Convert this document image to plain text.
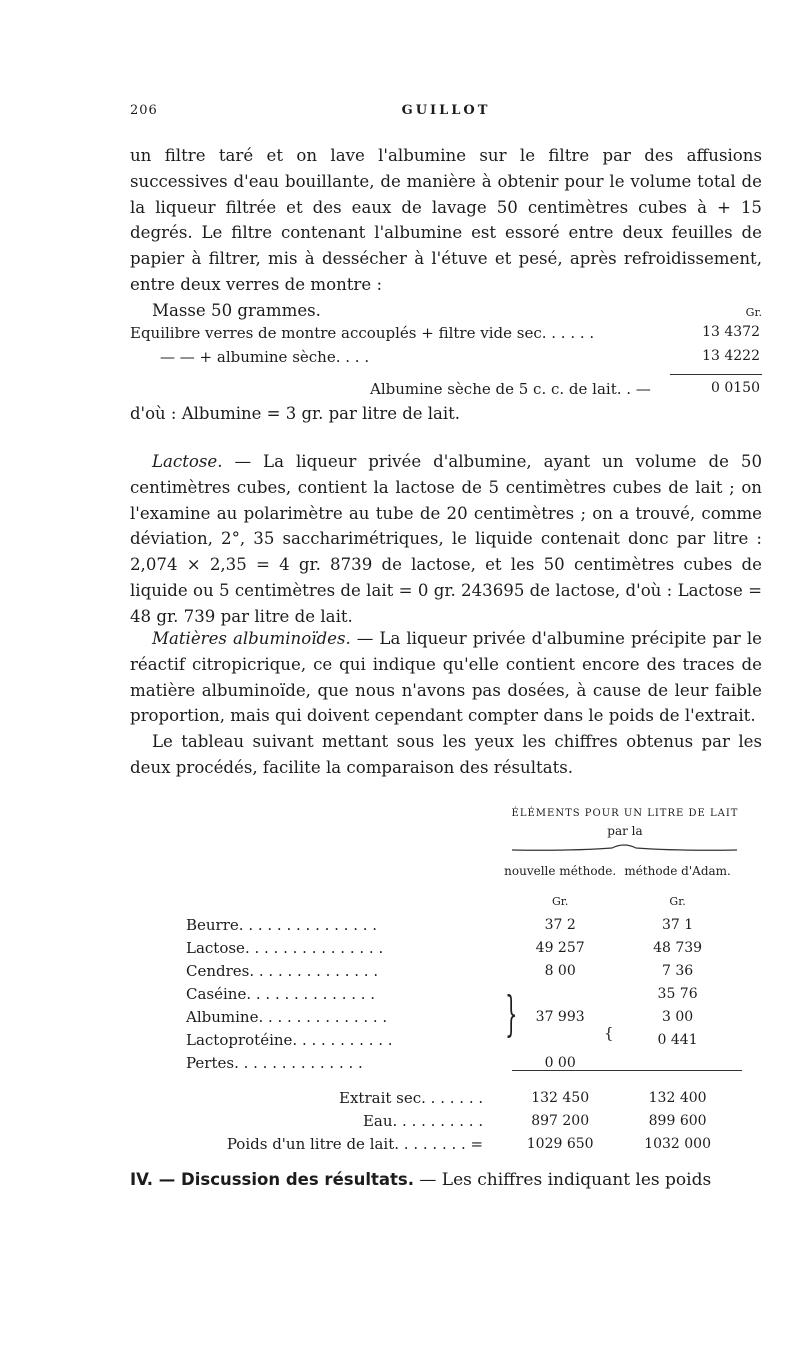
206	GUILLOT

un filtre taré et on lave l'albumine sur le filtre par des affusions successives d'eau bouillante, de manière à obtenir pour le volume total de la liqueur filtrée et des eaux de lavage 50 centimètres cubes à + 15 degrés. Le filtre contenant l'albumine est essoré entre deux feuilles de papier à filtrer, mis à dessécher à l'étuve et pesé, après refroidissement, entre deux verres de montre :

Masse 50 grammes.	Gr.
Equilibre verres de montre accouplés + filtre vide sec. . . . . .	13 4372
— — + albumine sèche. . . .	13 4222
Albumine sèche de 5 c. c. de lait. . —	0 0150
d'où : Albumine = 3 gr. par litre de lait.

Lactose. — La liqueur privée d'albumine, ayant un volume de 50 centimètres cubes, contient la lactose de 5 centimètres cubes de lait ; on l'examine au polarimètre au tube de 20 centimètres ; on a trouvé, comme déviation, 2°, 35 saccharimétriques, le liquide contenait donc par litre : 2,074 × 2,35 = 4 gr. 8739 de lactose, et les 50 centimètres cubes de liquide ou 5 centimètres de lait = 0 gr. 243695 de lactose, d'où : Lactose = 48 gr. 739 par litre de lait.

Matières albuminoïdes. — La liqueur privée d'albumine précipite par le réactif citropicrique, ce qui indique qu'elle contient encore des traces de matière albuminoïde, que nous n'avons pas dosées, à cause de leur faible proportion, mais qui doivent cependant compter dans le poids de l'extrait.

Le tableau suivant mettant sous les yeux les chiffres obtenus par les deux procédés, facilite la comparaison des résultats.

ÉLÉMENTS POUR UN LITRE DE LAIT
par la
	nouvelle méthode.	méthode d'Adam.
	Gr.	Gr.
Beurre. . . . . . . . . . . . . . .	37 2	37 1
Lactose. . . . . . . . . . . . . . .	49 257	48 739
Cendres. . . . . . . . . . . . . .	8 00	7 36
Caséine. . . . . . . . . . . . . .		35 76
Albumine. . . . . . . . . . . . . .	37 993	3 00
Lactoprotéine. . . . . . . . . . .		0 441
Pertes. . . . . . . . . . . . . .	0 00	

Extrait sec. . . . . . .	132 450	132 400
Eau. . . . . . . . . .	897 200	899 600
Poids d'un litre de lait. . . . . . . . =	1029 650	1032 000
}	{
IV. — Discussion des résultats. — Les chiffres indiquant les poids
